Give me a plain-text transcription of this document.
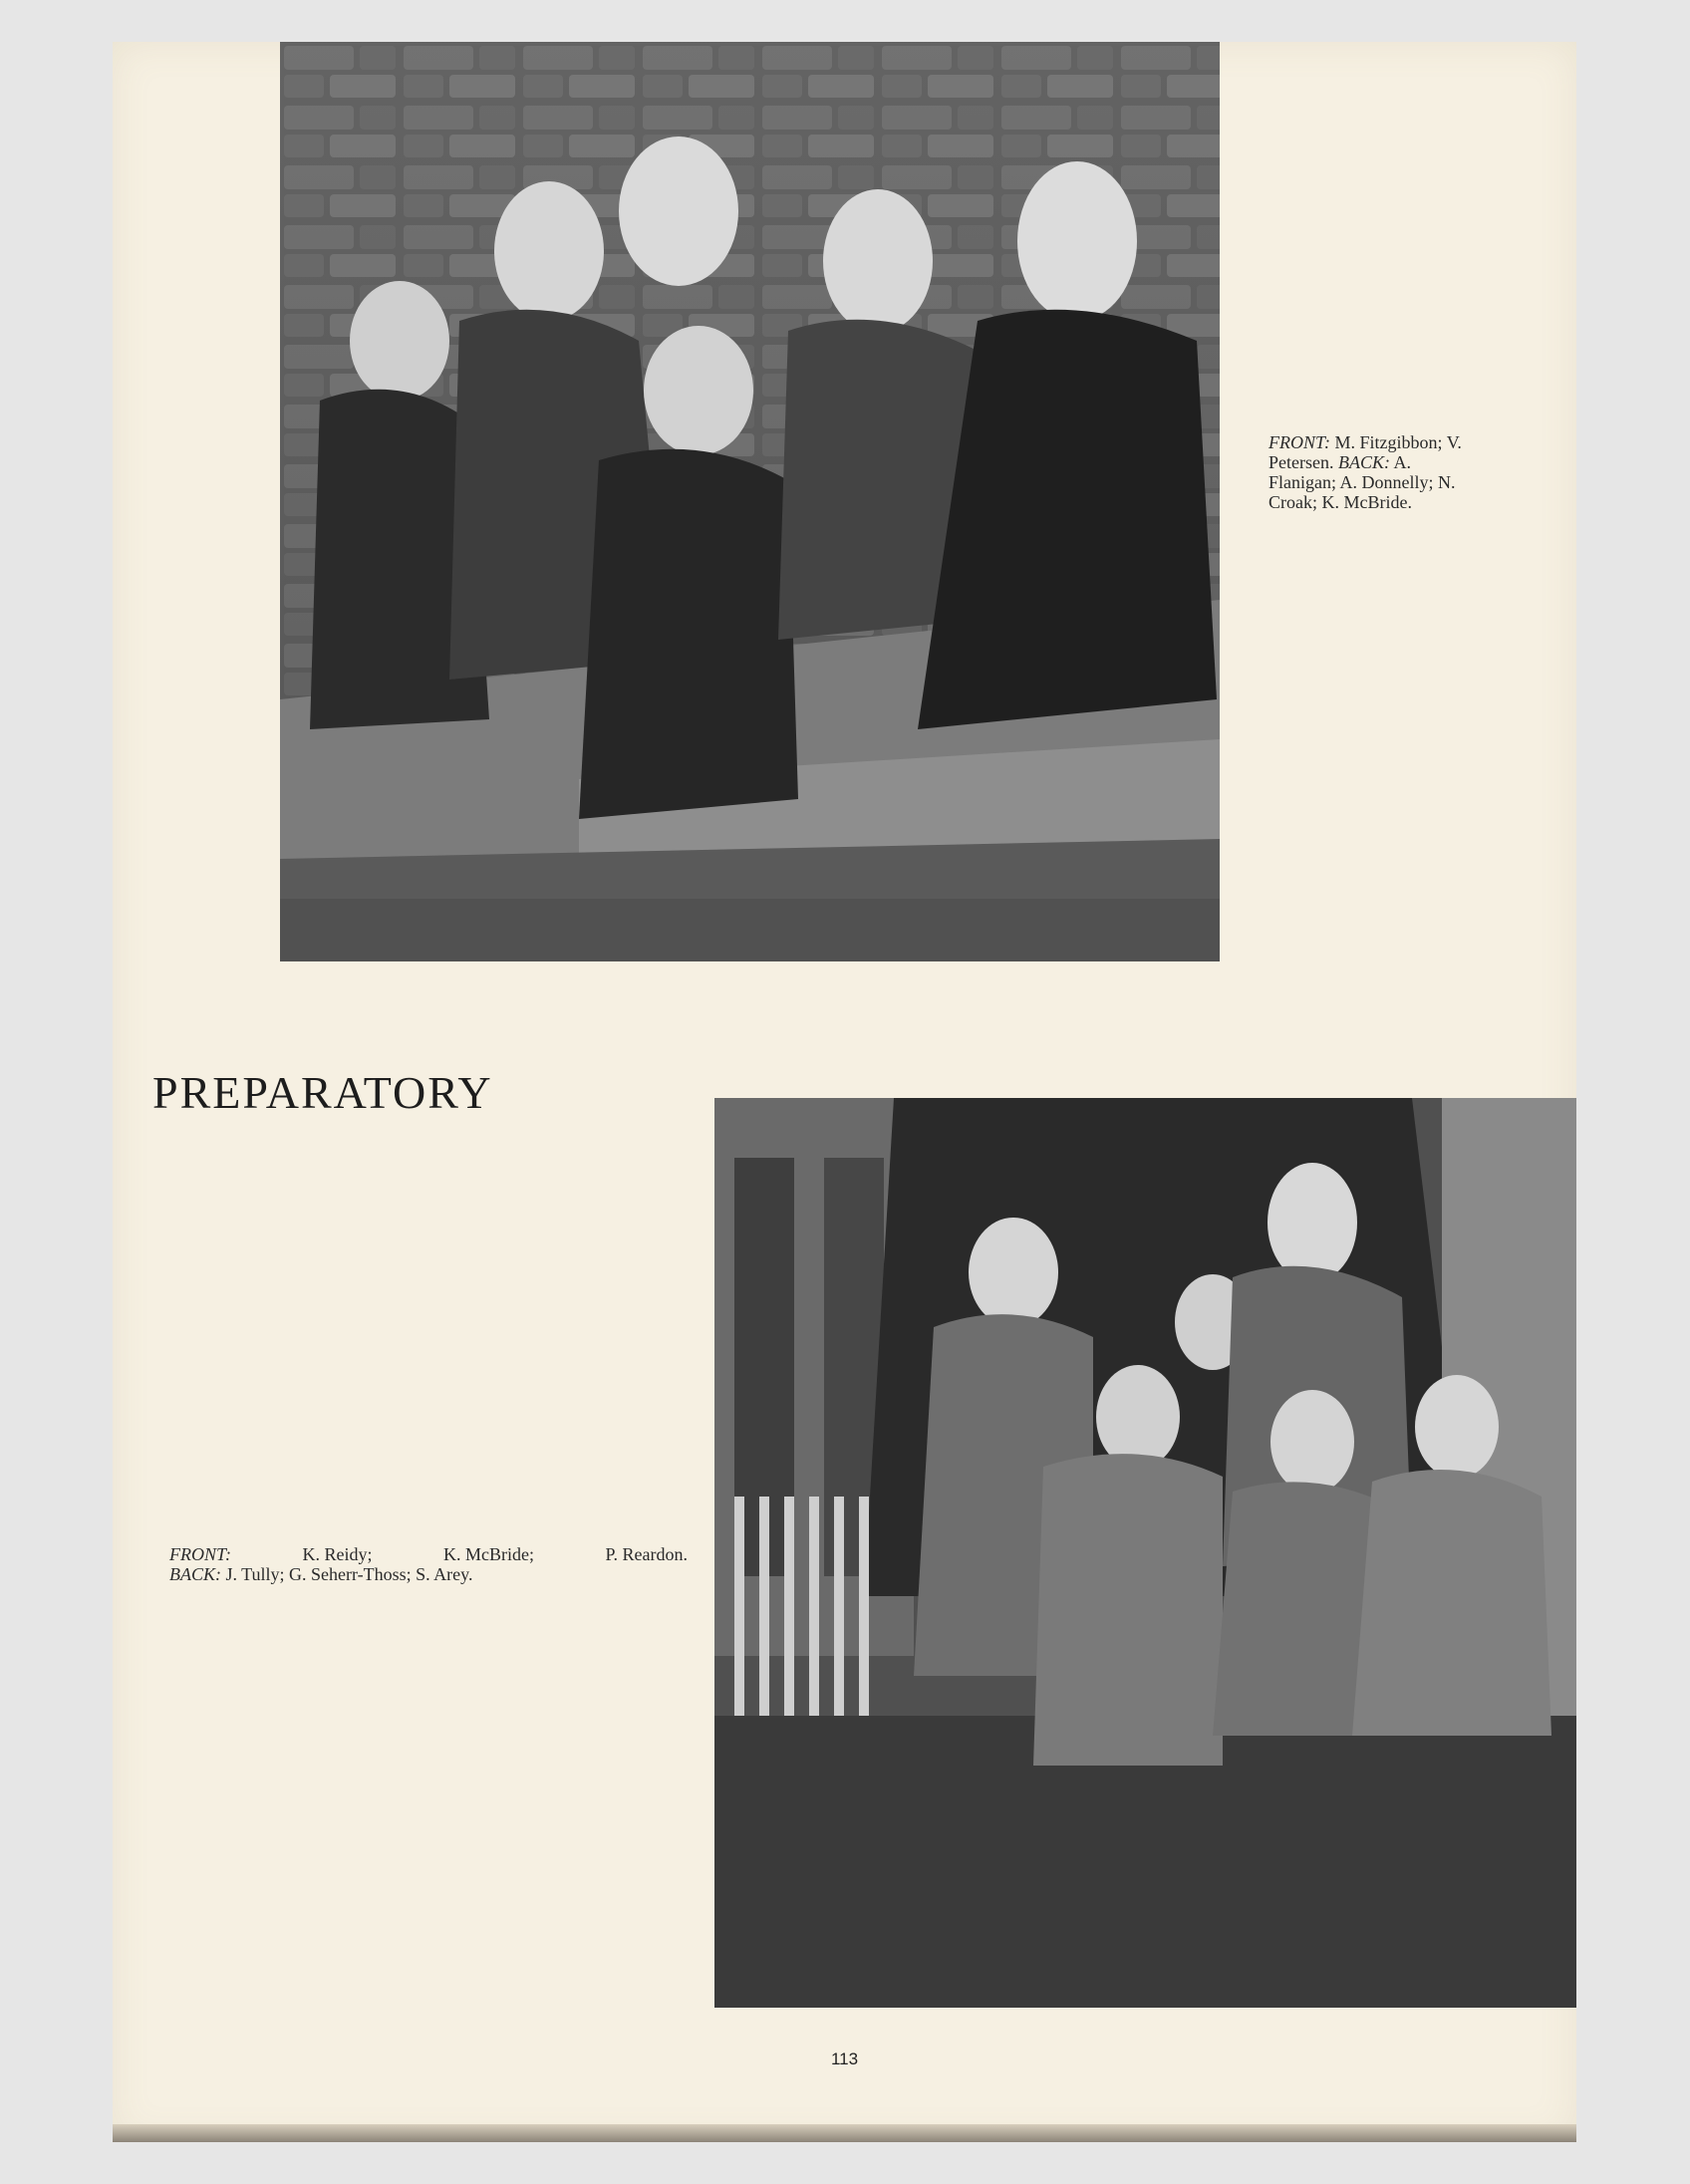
FRONT: M. Fitzgibbon; V. Petersen. BACK: A. Flanigan; A. Donnelly; N. Croak; K. McBride.
PREPARATORY
FRONT:	K. Reidy;	K. McBride;	P. Reardon.
BACK: J. Tully; G. Seherr-Thoss; S. Arey.
113
